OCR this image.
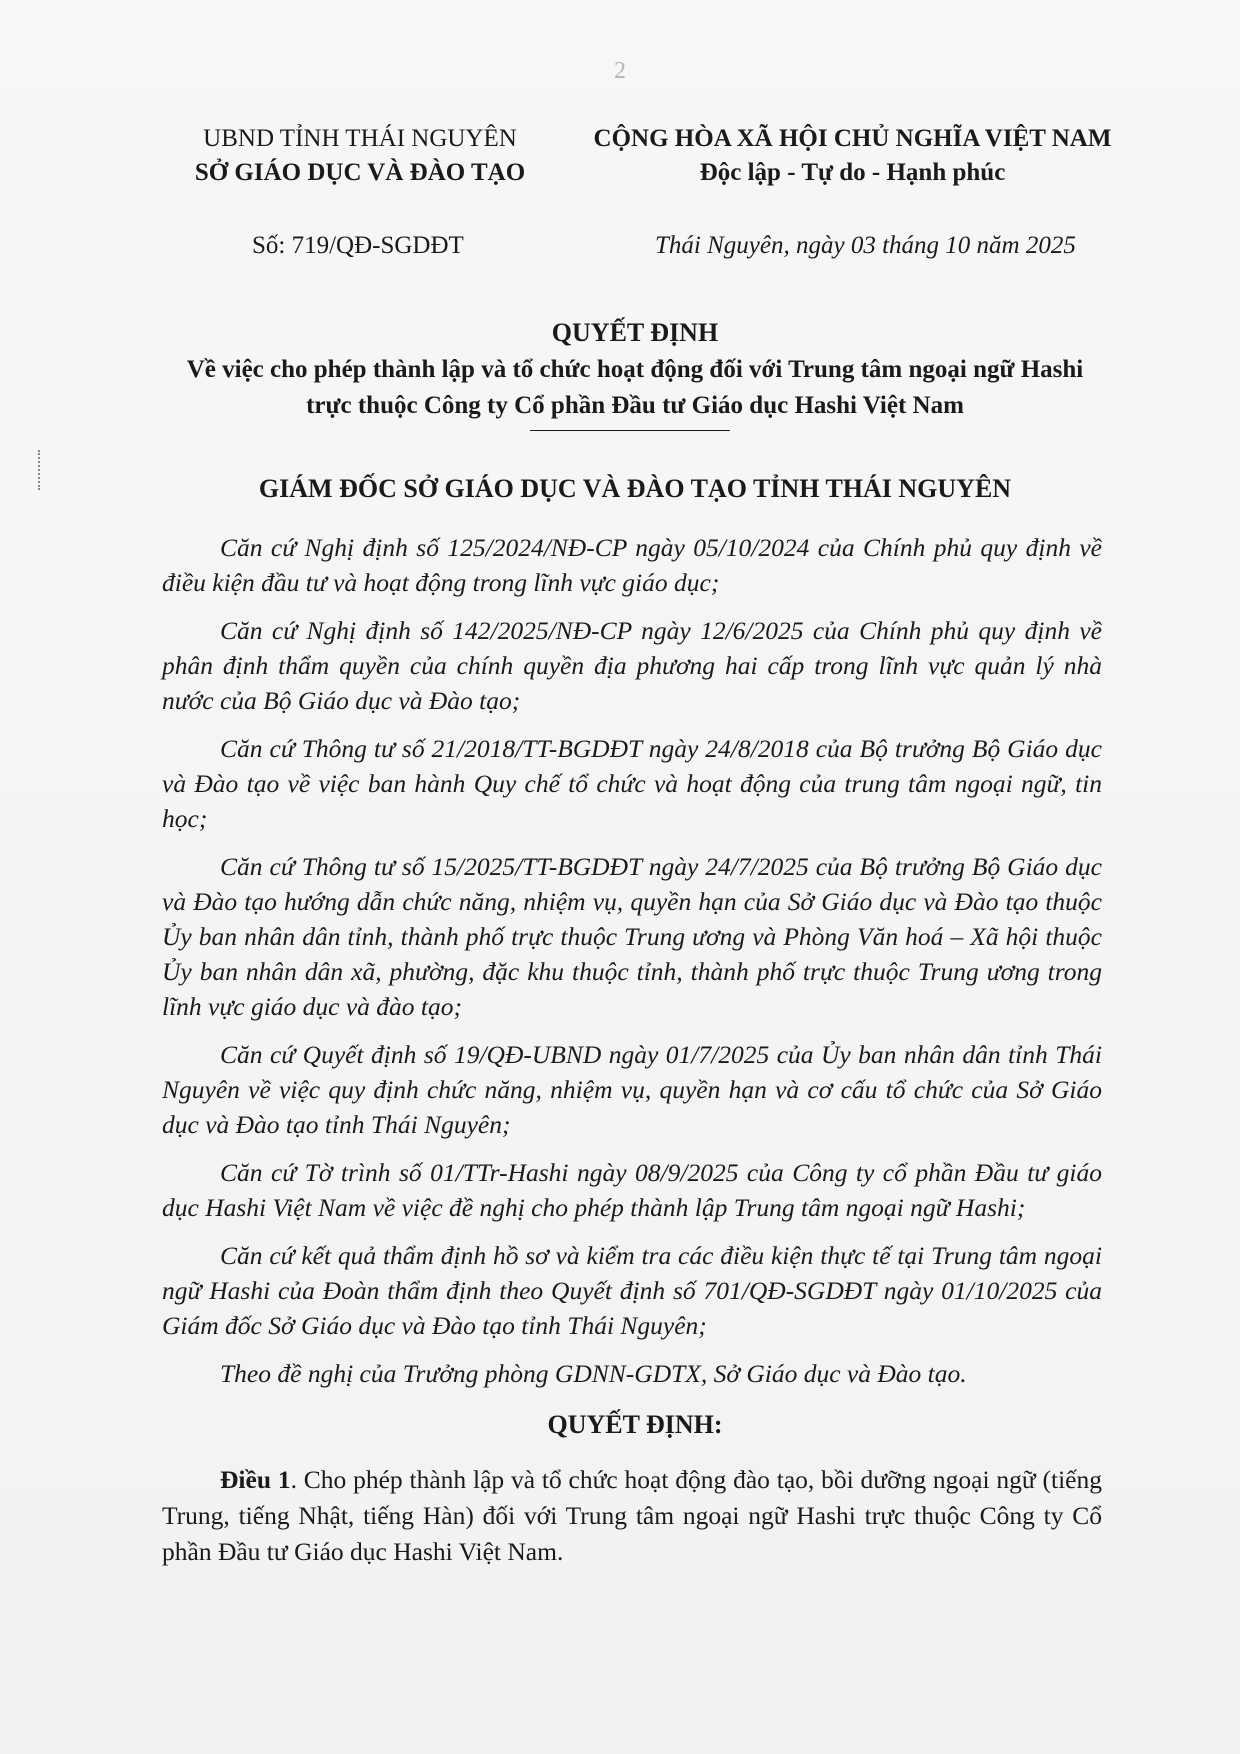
2
UBND TỈNH THÁI NGUYÊN
SỞ GIÁO DỤC VÀ ĐÀO TẠO
CỘNG HÒA XÃ HỘI CHỦ NGHĨA VIỆT NAM
Độc lập - Tự do - Hạnh phúc
Số: 719/QĐ-SGDĐT	Thái Nguyên, ngày 03 tháng 10 năm 2025
QUYẾT ĐỊNH
Về việc cho phép thành lập và tổ chức hoạt động đối với Trung tâm ngoại ngữ Hashi
trực thuộc Công ty Cổ phần Đầu tư Giáo dục Hashi Việt Nam
GIÁM ĐỐC SỞ GIÁO DỤC VÀ ĐÀO TẠO TỈNH THÁI NGUYÊN

Căn cứ Nghị định số 125/2024/NĐ-CP ngày 05/10/2024 của Chính phủ quy định về điều kiện đầu tư và hoạt động trong lĩnh vực giáo dục;

Căn cứ Nghị định số 142/2025/NĐ-CP ngày 12/6/2025 của Chính phủ quy định về phân định thẩm quyền của chính quyền địa phương hai cấp trong lĩnh vực quản lý nhà nước của Bộ Giáo dục và Đào tạo;

Căn cứ Thông tư số 21/2018/TT-BGDĐT ngày 24/8/2018 của Bộ trưởng Bộ Giáo dục và Đào tạo về việc ban hành Quy chế tổ chức và hoạt động của trung tâm ngoại ngữ, tin học;

Căn cứ Thông tư số 15/2025/TT-BGDĐT ngày 24/7/2025 của Bộ trưởng Bộ Giáo dục và Đào tạo hướng dẫn chức năng, nhiệm vụ, quyền hạn của Sở Giáo dục và Đào tạo thuộc Ủy ban nhân dân tỉnh, thành phố trực thuộc Trung ương và Phòng Văn hoá – Xã hội thuộc Ủy ban nhân dân xã, phường, đặc khu thuộc tỉnh, thành phố trực thuộc Trung ương trong lĩnh vực giáo dục và đào tạo;

Căn cứ Quyết định số 19/QĐ-UBND ngày 01/7/2025 của Ủy ban nhân dân tỉnh Thái Nguyên về việc quy định chức năng, nhiệm vụ, quyền hạn và cơ cấu tổ chức của Sở Giáo dục và Đào tạo tỉnh Thái Nguyên;

Căn cứ Tờ trình số 01/TTr-Hashi ngày 08/9/2025 của Công ty cổ phần Đầu tư giáo dục Hashi Việt Nam về việc đề nghị cho phép thành lập Trung tâm ngoại ngữ Hashi;

Căn cứ kết quả thẩm định hồ sơ và kiểm tra các điều kiện thực tế tại Trung tâm ngoại ngữ Hashi của Đoàn thẩm định theo Quyết định số 701/QĐ-SGDĐT ngày 01/10/2025 của Giám đốc Sở Giáo dục và Đào tạo tỉnh Thái Nguyên;

Theo đề nghị của Trưởng phòng GDNN-GDTX, Sở Giáo dục và Đào tạo.

QUYẾT ĐỊNH:
Điều 1. Cho phép thành lập và tổ chức hoạt động đào tạo, bồi dưỡng ngoại ngữ (tiếng Trung, tiếng Nhật, tiếng Hàn) đối với Trung tâm ngoại ngữ Hashi trực thuộc Công ty Cổ phần Đầu tư Giáo dục Hashi Việt Nam.
